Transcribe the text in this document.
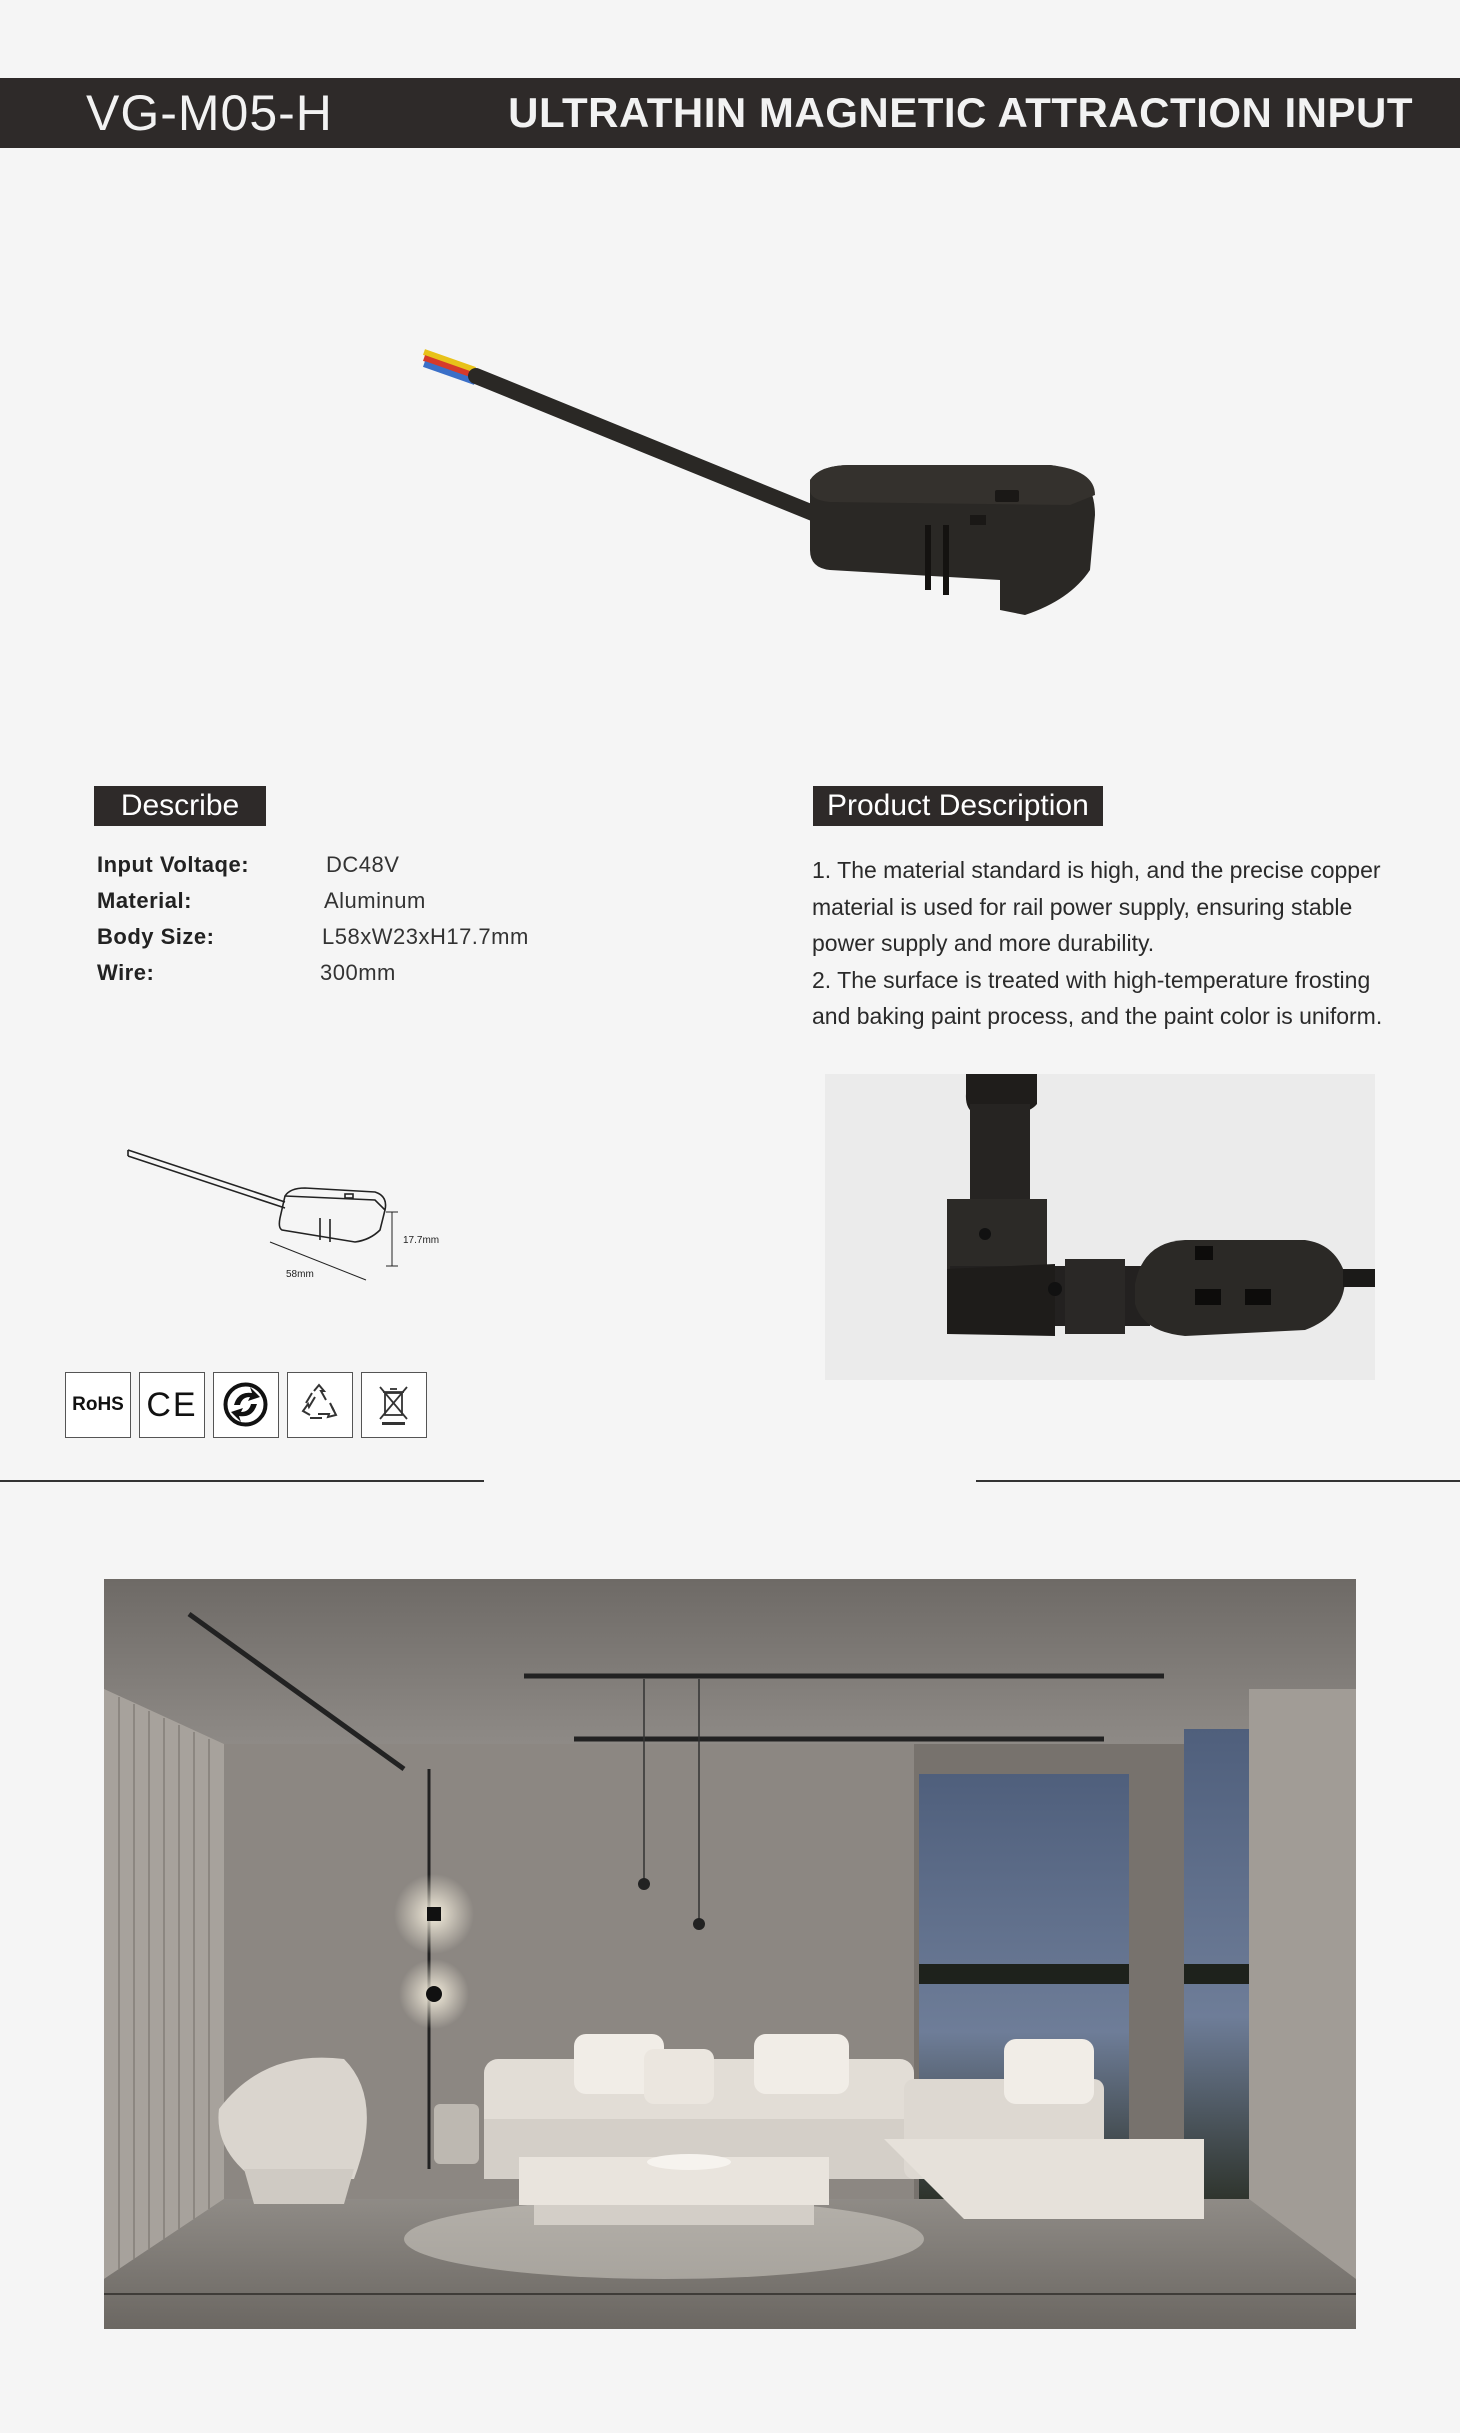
VG-M05-H	ULTRATHIN MAGNETIC ATTRACTION INPUT
Describe
Input Voltaqe:	DC48V
Material:	Aluminum
Body Size:	L58xW23xH17.7mm
Wire:	300mm
Product Description

1. The material standard is high, and the precise copper

material is used for rail power supply, ensuring stable

power supply and more durability.

2. The surface is treated with high-temperature frosting

and baking paint process, and the paint color is uniform.

17.7mm
58mm
RoHS CE
